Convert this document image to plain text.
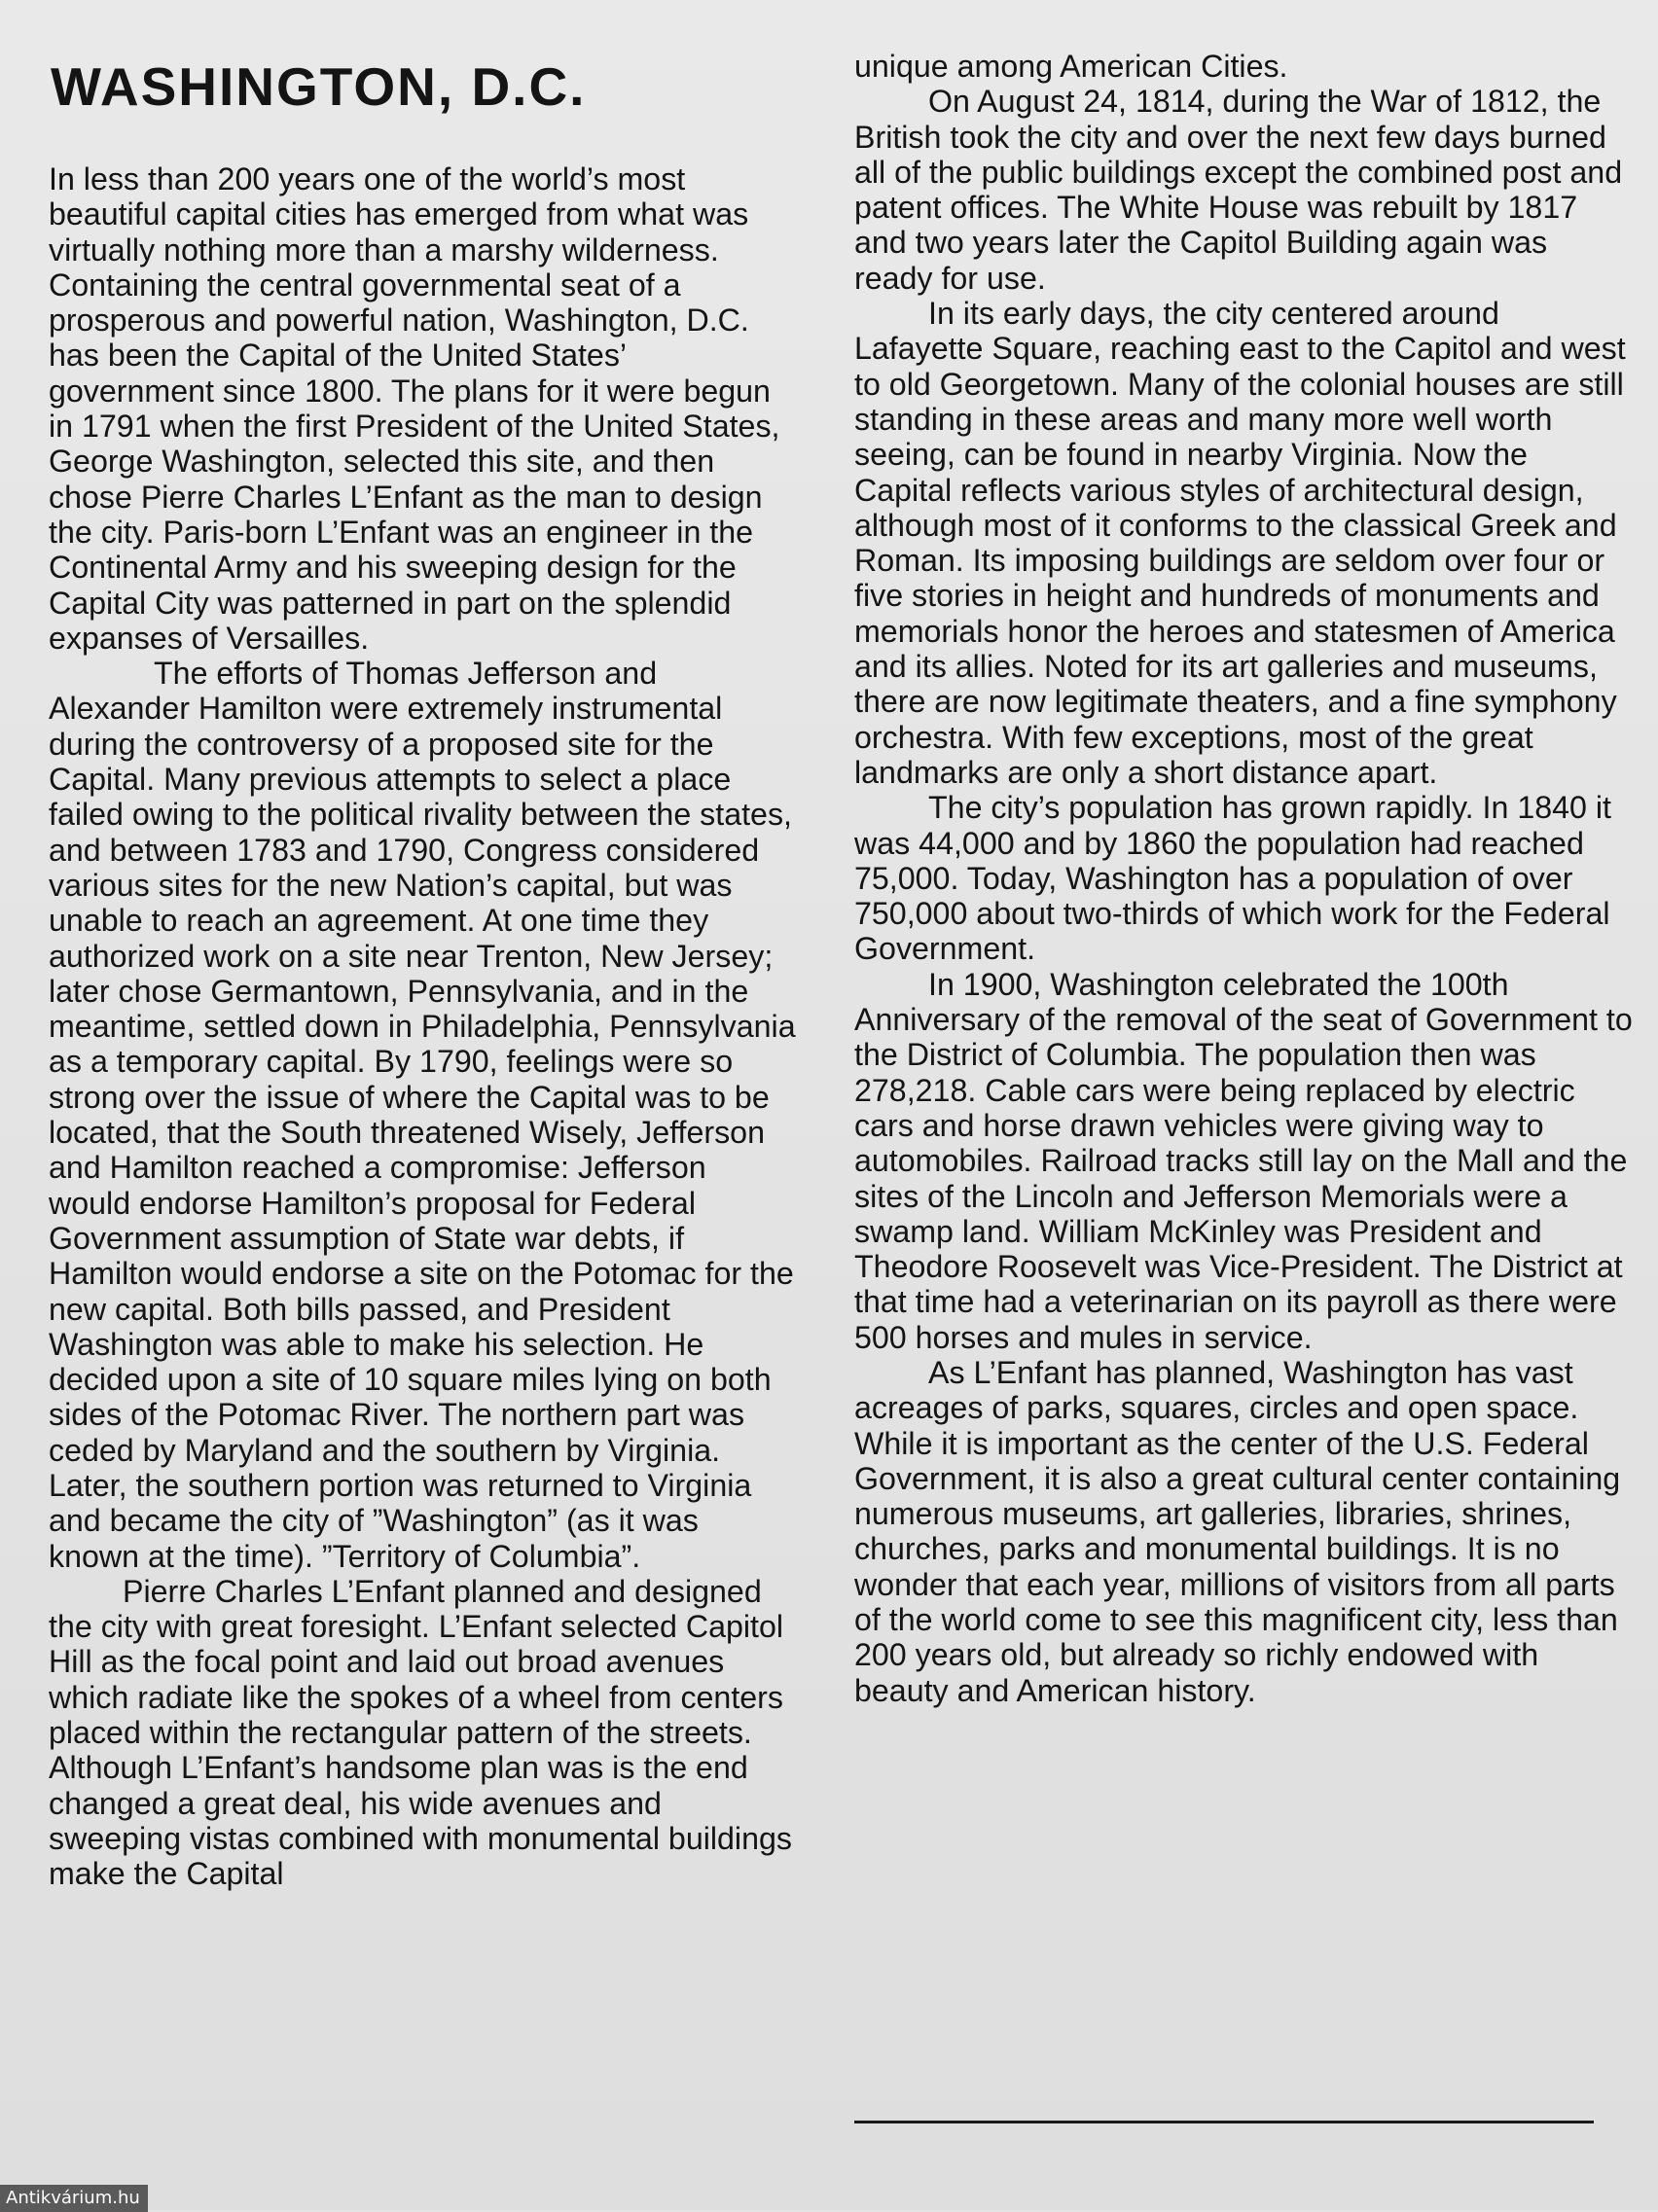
WASHINGTON, D.C.

In less than 200 years one of the world’s most beautiful capital cities has emerged from what was virtually nothing more than a marshy wilderness. Containing the central governmental seat of a prosperous and powerful nation, Washington, D.C. has been the Capital of the United States’ government since 1800. The plans for it were begun in 1791 when the first President of the United States, George Washington, selected this site, and then chose Pierre Charles L’Enfant as the man to design the city. Paris-born L’Enfant was an engineer in the Continental Army and his sweeping design for the Capital City was patterned in part on the splendid expanses of Versailles.

The efforts of Thomas Jefferson and Alexander Hamilton were extremely instrumental during the controversy of a proposed site for the Capital. Many previous attempts to select a place failed owing to the political rivality between the states, and between 1783 and 1790, Congress considered various sites for the new Nation’s capital, but was unable to reach an agreement. At one time they authorized work on a site near Trenton, New Jersey; later chose Germantown, Pennsylvania, and in the meantime, settled down in Philadelphia, Pennsylvania as a temporary capital. By 1790, feelings were so strong over the issue of where the Capital was to be located, that the South threatened Wisely, Jefferson and Hamilton reached a compromise: Jefferson would endorse Hamilton’s proposal for Federal Government assumption of State war debts, if Hamilton would endorse a site on the Potomac for the new capital. Both bills passed, and President Washington was able to make his selection. He decided upon a site of 10 square miles lying on both sides of the Potomac River. The northern part was ceded by Maryland and the southern by Virginia. Later, the southern portion was returned to Virginia and became the city of ”Washington” (as it was known at the time). ”Territory of Columbia”.

Pierre Charles L’Enfant planned and designed the city with great foresight. L’Enfant selected Capitol Hill as the focal point and laid out broad avenues which radiate like the spokes of a wheel from centers placed within the rectangular pattern of the streets. Although L’Enfant’s handsome plan was is the end changed a great deal, his wide avenues and sweeping vistas combined with monumental buildings make the Capital

unique among American Cities.

On August 24, 1814, during the War of 1812, the British took the city and over the next few days burned all of the public buildings except the combined post and patent offices. The White House was rebuilt by 1817 and two years later the Capitol Building again was ready for use.

In its early days, the city centered around Lafayette Square, reaching east to the Capitol and west to old Georgetown. Many of the colonial houses are still standing in these areas and many more well worth seeing, can be found in nearby Virginia. Now the Capital reflects various styles of architectural design, although most of it conforms to the classical Greek and Roman. Its imposing buildings are seldom over four or five stories in height and hundreds of monuments and memorials honor the heroes and statesmen of America and its allies. Noted for its art galleries and museums, there are now legitimate theaters, and a fine symphony orchestra. With few exceptions, most of the great landmarks are only a short distance apart.

The city’s population has grown rapidly. In 1840 it was 44,000 and by 1860 the population had reached 75,000. Today, Washington has a population of over 750,000 about two-thirds of which work for the Federal Government.

In 1900, Washington celebrated the 100th Anniversary of the removal of the seat of Government to the District of Columbia. The population then was 278,218. Cable cars were being replaced by electric cars and horse drawn vehicles were giving way to automobiles. Railroad tracks still lay on the Mall and the sites of the Lincoln and Jefferson Memorials were a swamp land. William McKinley was President and Theodore Roosevelt was Vice-President. The District at that time had a veterinarian on its payroll as there were 500 horses and mules in service.

As L’Enfant has planned, Washington has vast acreages of parks, squares, circles and open space. While it is important as the center of the U.S. Federal Government, it is also a great cultural center containing numerous museums, art galleries, libraries, shrines, churches, parks and monumental buildings. It is no wonder that each year, millions of visitors from all parts of the world come to see this magnificent city, less than 200 years old, but already so richly endowed with beauty and American history.

Antikvárium.hu
